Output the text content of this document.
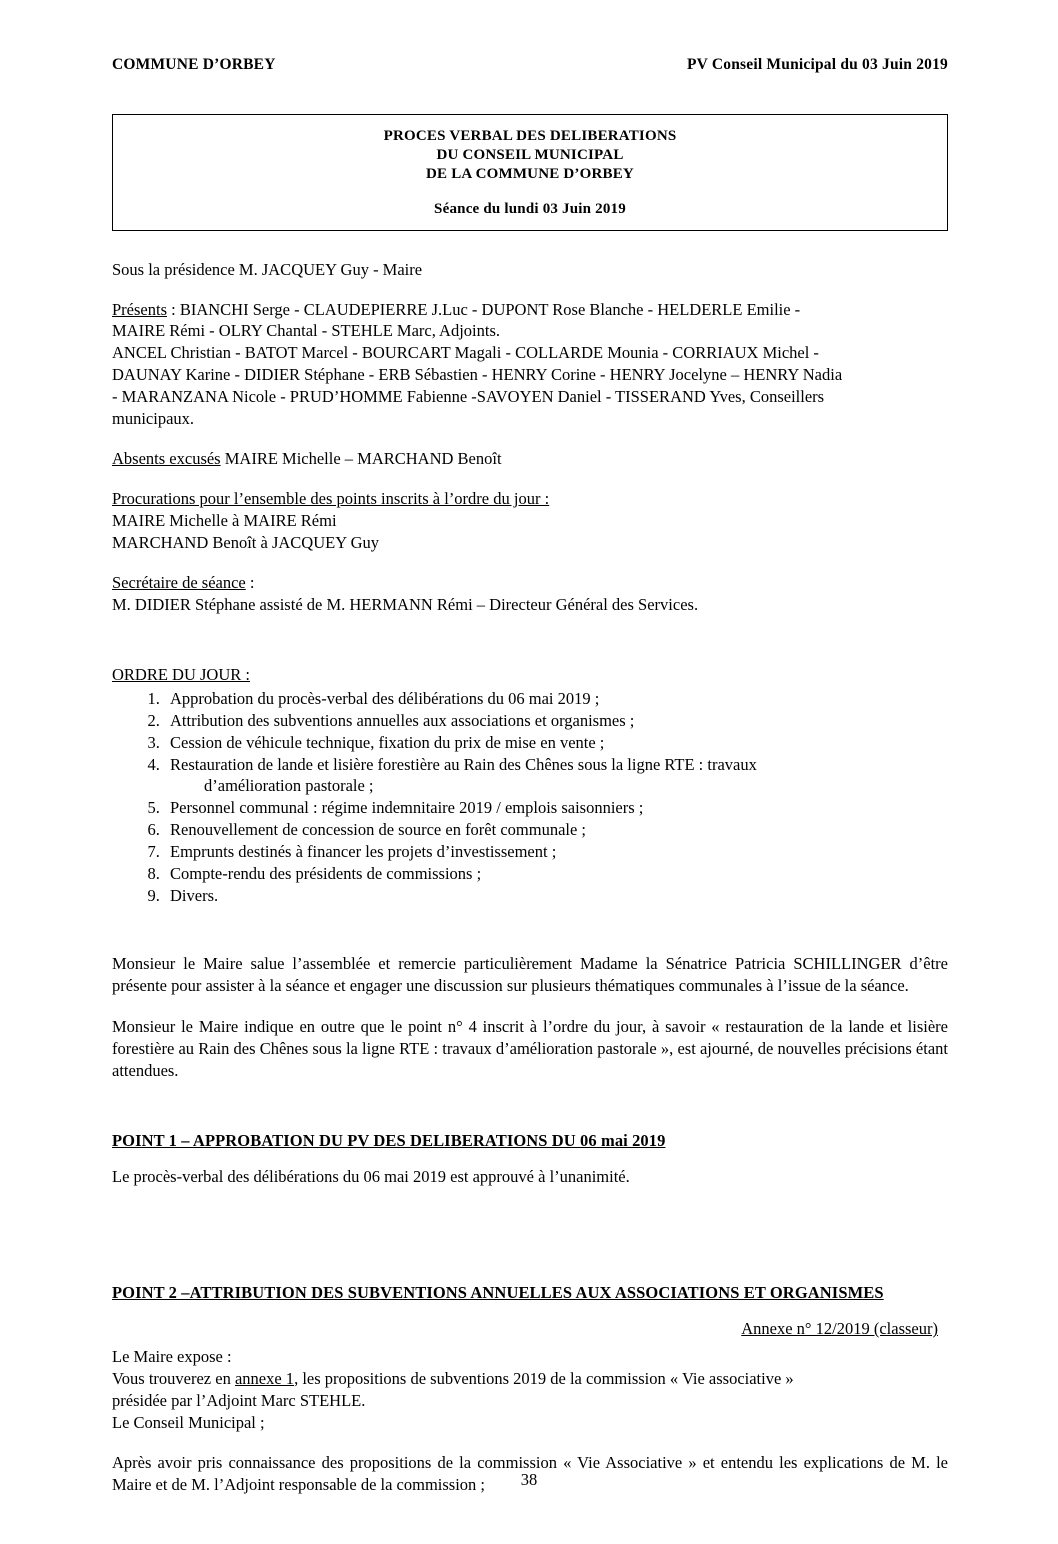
COMMUNE D’ORBEY	PV Conseil Municipal du 03 Juin 2019
PROCES VERBAL DES DELIBERATIONS
DU CONSEIL MUNICIPAL
DE LA COMMUNE D’ORBEY
Séance du lundi 03 Juin 2019

Sous la présidence M. JACQUEY Guy - Maire

Présents : BIANCHI Serge - CLAUDEPIERRE J.Luc - DUPONT Rose Blanche - HELDERLE Emilie -
MAIRE Rémi - OLRY Chantal - STEHLE Marc, Adjoints.
ANCEL Christian - BATOT Marcel - BOURCART Magali - COLLARDE Mounia - CORRIAUX Michel -
DAUNAY Karine - DIDIER Stéphane - ERB Sébastien - HENRY Corine - HENRY Jocelyne – HENRY Nadia
- MARANZANA Nicole - PRUD’HOMME Fabienne -SAVOYEN Daniel - TISSERAND Yves, Conseillers
municipaux.

Absents excusés MAIRE Michelle – MARCHAND Benoît

Procurations pour l’ensemble des points inscrits à l’ordre du jour :
MAIRE Michelle à MAIRE Rémi
MARCHAND Benoît à JACQUEY Guy

Secrétaire de séance :
M. DIDIER Stéphane assisté de M. HERMANN Rémi – Directeur Général des Services.

ORDRE DU JOUR :

1. Approbation du procès-verbal des délibérations du 06 mai 2019 ;
2. Attribution des subventions annuelles aux associations et organismes ;
3. Cession de véhicule technique, fixation du prix de mise en vente ;
4. Restauration de lande et lisière forestière au Rain des Chênes sous la ligne RTE : travaux
d’amélioration pastorale ;
5. Personnel communal : régime indemnitaire 2019 / emplois saisonniers ;
6. Renouvellement de concession de source en forêt communale ;
7. Emprunts destinés à financer les projets d’investissement ;
8. Compte-rendu des présidents de commissions ;
9. Divers.

Monsieur le Maire salue l’assemblée et remercie particulièrement Madame la Sénatrice Patricia SCHILLINGER d’être présente pour assister à la séance et engager une discussion sur plusieurs thématiques communales à l’issue de la séance.

Monsieur le Maire indique en outre que le point n° 4 inscrit à l’ordre du jour, à savoir « restauration de la lande et lisière forestière au Rain des Chênes sous la ligne RTE : travaux d’amélioration pastorale », est ajourné, de nouvelles précisions étant attendues.

POINT 1 – APPROBATION DU PV DES DELIBERATIONS DU 06 mai 2019

Le procès-verbal des délibérations du 06 mai 2019 est approuvé à l’unanimité.

POINT 2 –ATTRIBUTION DES SUBVENTIONS ANNUELLES AUX ASSOCIATIONS ET ORGANISMES

Annexe n° 12/2019 (classeur)

Le Maire expose :
Vous trouverez en annexe 1, les propositions de subventions 2019 de la commission « Vie associative »
présidée par l’Adjoint Marc STEHLE.
Le Conseil Municipal ;

Après avoir pris connaissance des propositions de la commission « Vie Associative » et entendu les explications de M. le Maire et de M. l’Adjoint responsable de la commission ;	38
